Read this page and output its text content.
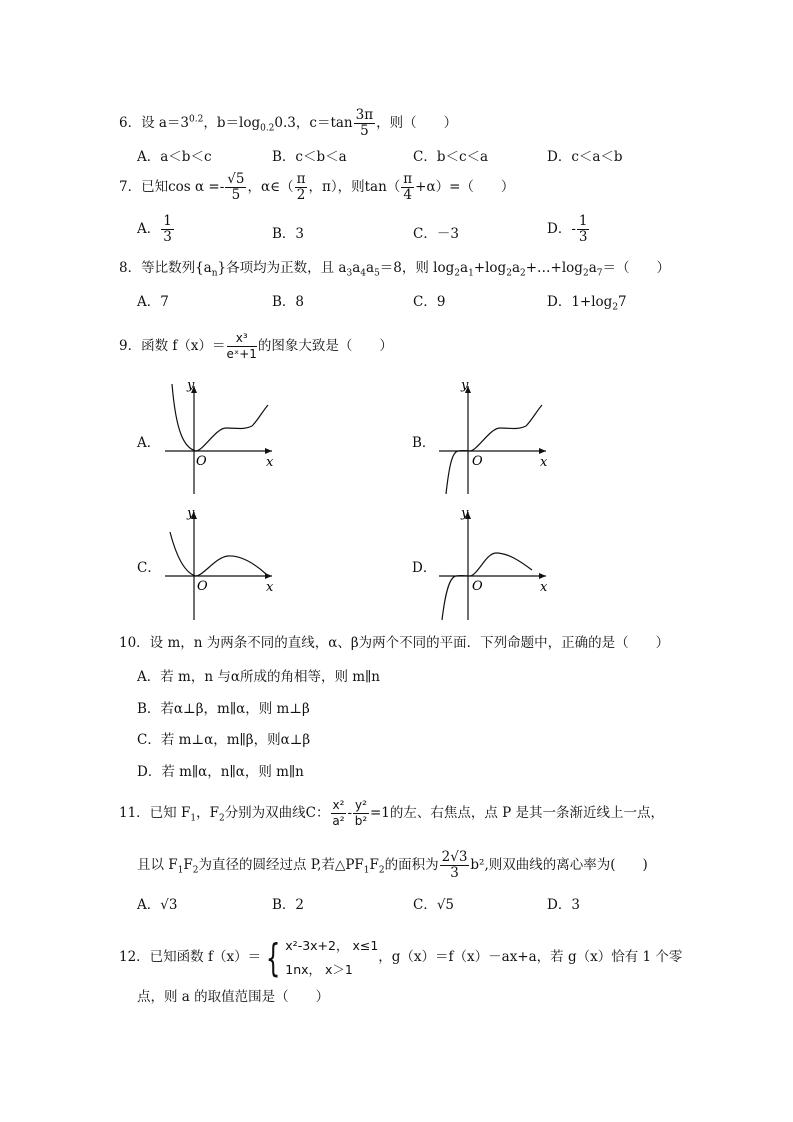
6．设 $a=3^{0.2}$，$b=\log_{0.2}0.3$，$c=\tan \frac{3\pi}{5}$ ，则（　　）
A．a＜b＜c	B．c＜b＜a	C．b＜c＜a	D．c＜a＜b
7．已知$\cos \alpha =- \frac{√5}{5}$ ，α∈（ $\frac{\pi}{2}$ ，π），则$\tan( \frac{\pi}{4} +\alpha)=$（　　）
A． $\frac{1}{3}$	B．3	C．－3	D．- $\frac{1}{3}$
8．等比数列$\{a_n\}$各项均为正数，且 $a_3a_4a_5=8$，则 $\log_2a_1+\log_2a_2+\dots+\log_2a_7=$（　　）
A．7	B．8	C．9	D．$1+\log_27$
9．函数 $f(x)= \frac{\text{x³}}{\text{eˣ+1}}$ 的图象大致是（　　）
A．	B．
C．	D．
y
x
O
y
x
O
y
x
O
y
x
O
10．设 m，n 为两条不同的直线，α、β为两个不同的平面．下列命题中，正确的是（　　）
A．若 m，n 与α所成的角相等，则 m∥n
B．若α⊥β，m∥α，则 m⊥β
C．若 m⊥α，m∥β，则α⊥β
D．若 m∥α，n∥α，则 m∥n
11．已知 $F_1$，$F_2$分别为双曲线C： $\frac{\text{x²}}{\text{a²}} - \frac{\text{y²}}{\text{b²}} =1$的左、右焦点，点 P 是其一条渐近线上一点，
且以 $F_1F_2$为直径的圆经过点 P,若$\triangle PF_1F_2$的面积为 $\frac{2√3}{3} b^2$,则双曲线的离心率为(　　)
A．√3	B．2	C．√5	D．3
12．已知函数 f（x）＝ { x²-3x+2， x≤1
1nx， x＞1
，g（x）＝f（x）－ax+a，若 g（x）恰有 1 个零
点，则 a 的取值范围是（　　）
